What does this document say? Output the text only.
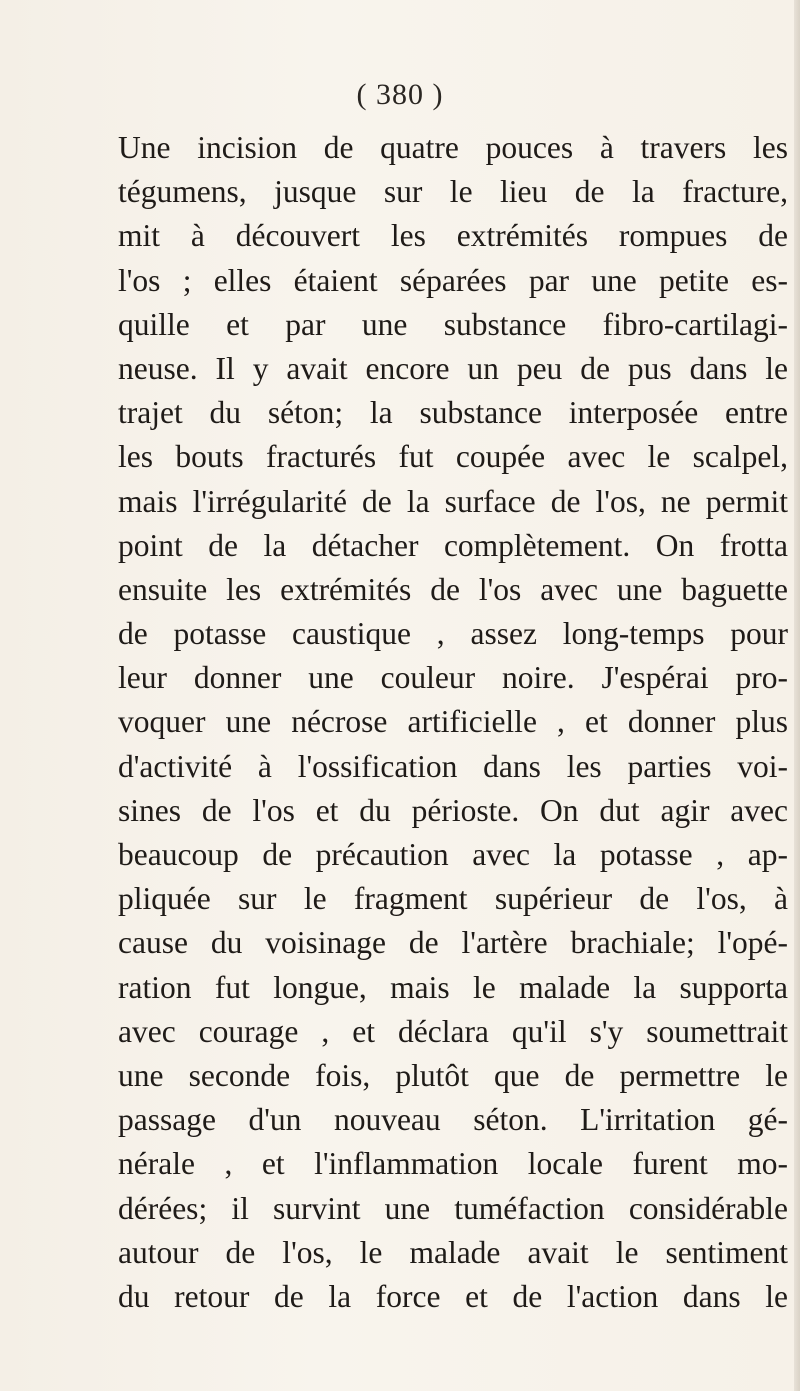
( 380 )
Une incision de quatre pouces à travers les
tégumens, jusque sur le lieu de la fracture,
mit à découvert les extrémités rompues de
l'os ; elles étaient séparées par une petite es-
quille et par une substance fibro-cartilagi-
neuse. Il y avait encore un peu de pus dans le
trajet du séton; la substance interposée entre
les bouts fracturés fut coupée avec le scalpel,
mais l'irrégularité de la surface de l'os, ne permit
point de la détacher complètement. On frotta
ensuite les extrémités de l'os avec une baguette
de potasse caustique , assez long-temps pour
leur donner une couleur noire. J'espérai pro-
voquer une nécrose artificielle , et donner plus
d'activité à l'ossification dans les parties voi-
sines de l'os et du périoste. On dut agir avec
beaucoup de précaution avec la potasse , ap-
pliquée sur le fragment supérieur de l'os, à
cause du voisinage de l'artère brachiale; l'opé-
ration fut longue, mais le malade la supporta
avec courage , et déclara qu'il s'y soumettrait
une seconde fois, plutôt que de permettre le
passage d'un nouveau séton. L'irritation gé-
nérale , et l'inflammation locale furent mo-
dérées; il survint une tuméfaction considérable
autour de l'os, le malade avait le sentiment
du retour de la force et de l'action dans le
